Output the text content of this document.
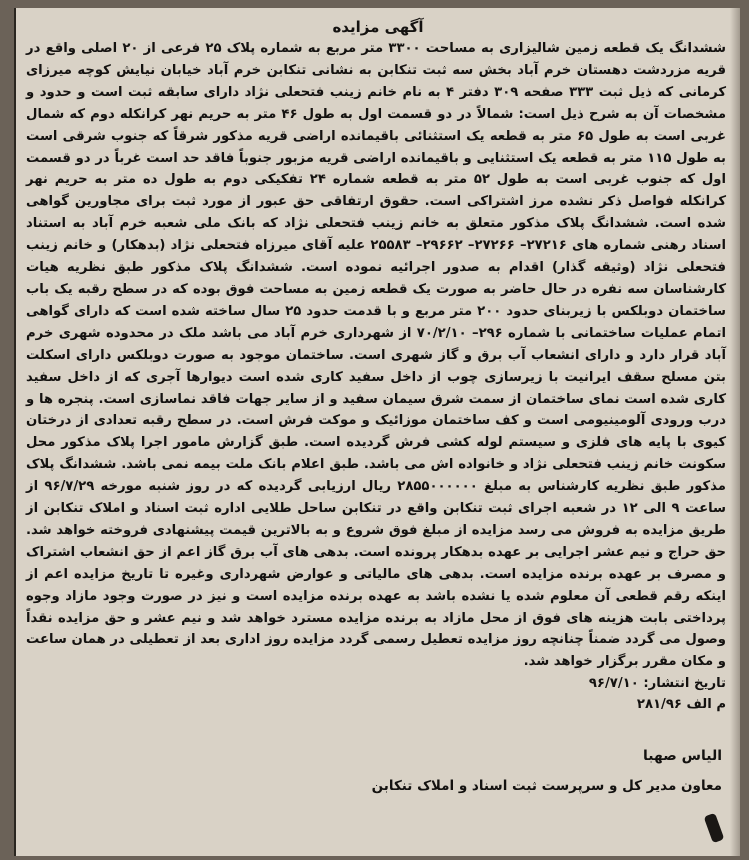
آگهی مزایده

ششدانگ یک قطعه زمین شالیزاری به مساحت ۳۳۰۰ متر مربع به شماره پلاک ۲۵ فرعی از ۲۰ اصلی واقع در قریه مزردشت دهستان خرم آباد بخش سه ثبت تنکابن به نشانی تنکابن خرم آباد خیابان نیایش کوچه میرزای کرمانی که ذیل ثبت ۳۳۳ صفحه ۳۰۹ دفتر ۴ به نام خانم زینب فتحعلی نژاد دارای سابقه ثبت است و حدود و مشخصات آن به شرح ذیل است: شمالاً در دو قسمت اول به طول ۴۶ متر به حریم نهر کرانکله دوم که شمال غربی است به طول ۶۵ متر به قطعه یک استثنائی باقیمانده اراضی قریه مذکور شرقاً که جنوب شرقی است به طول ۱۱۵ متر به قطعه یک استثنایی و باقیمانده اراضی قریه مزبور جنوباً فاقد حد است غرباً در دو قسمت اول که جنوب غربی است به طول ۵۲ متر به قطعه شماره ۲۴ تفکیکی دوم به طول ده متر به حریم نهر کرانکله فواصل ذکر نشده مرز اشتراکی است. حقوق ارتفاقی حق عبور از مورد ثبت برای مجاورین گواهی شده است. ششدانگ پلاک مذکور متعلق به خانم زینب فتحعلی نژاد که بانک ملی شعبه خرم آباد به استناد اسناد رهنی شماره های ۲۷۲۱۶– ۲۷۲۶۶– ۲۹۶۶۲– ۲۵۵۸۳ علیه آقای میرزاه فتحعلی نژاد (بدهکار) و خانم زینب فتحعلی نژاد (وثیقه گذار) اقدام به صدور اجرائیه نموده است. ششدانگ پلاک مذکور طبق نظریه هیات کارشناسان سه نفره در حال حاضر به صورت یک قطعه زمین به مساحت فوق بوده که در سطح رقبه یک باب ساختمان دوبلکس با زیربنای حدود ۲۰۰ متر مربع و با قدمت حدود ۲۵ سال ساخته شده است که دارای گواهی اتمام عملیات ساختمانی با شماره ۲۹۶– ۷۰/۲/۱۰ از شهرداری خرم آباد می باشد ملک در محدوده شهری خرم آباد قرار دارد و دارای انشعاب آب برق و گاز شهری است. ساختمان موجود به صورت دوبلکس دارای اسکلت بتن مسلح سقف ایرانیت با زیرسازی چوب از داخل سفید کاری شده است دیوارها آجری که از داخل سفید کاری شده است نمای ساختمان از سمت شرق سیمان سفید و از سایر جهات فاقد نماسازی است. پنجره ها و درب ورودی آلومینیومی است و کف ساختمان موزائیک و موکت فرش است. در سطح رقبه تعدادی از درختان کیوی با پایه های فلزی و سیستم لوله کشی فرش گردیده است. طبق گزارش مامور اجرا پلاک مذکور محل سکونت خانم زینب فتحعلی نژاد و خانواده اش می باشد. طبق اعلام بانک ملت بیمه نمی باشد. ششدانگ پلاک مذکور طبق نظریه کارشناس به مبلغ ۲۸۵۵۰۰۰۰۰۰ ریال ارزیابی گردیده که در روز شنبه مورخه ۹۶/۷/۲۹ از ساعت ۹ الی ۱۲ در شعبه اجرای ثبت تنکابن واقع در تنکابن ساحل طلایی اداره ثبت اسناد و املاک تنکابن از طریق مزایده به فروش می رسد مزایده از مبلغ فوق شروع و به بالاترین قیمت پیشنهادی فروخته خواهد شد. حق حراج و نیم عشر اجرایی بر عهده بدهکار پرونده است. بدهی های آب برق گاز اعم از حق انشعاب اشتراک و مصرف بر عهده برنده مزایده است. بدهی های مالیاتی و عوارض شهرداری وغیره تا تاریخ مزایده اعم از اینکه رقم قطعی آن معلوم شده یا نشده باشد به عهده برنده مزایده است و نیز در صورت وجود مازاد وجوه پرداختی بابت هزینه های فوق از محل مازاد به برنده مزایده مسترد خواهد شد و نیم عشر و حق مزایده نقداً وصول می گردد ضمناً چنانچه روز مزایده تعطیل رسمی گردد مزایده روز اداری بعد از تعطیلی در همان ساعت و مکان مقرر برگزار خواهد شد.

تاریخ انتشار: ۹۶/۷/۱۰
م الف ۲۸۱/۹۶
الیاس صهبا
معاون مدیر کل و سرپرست ثبت اسناد و املاک تنکابن
